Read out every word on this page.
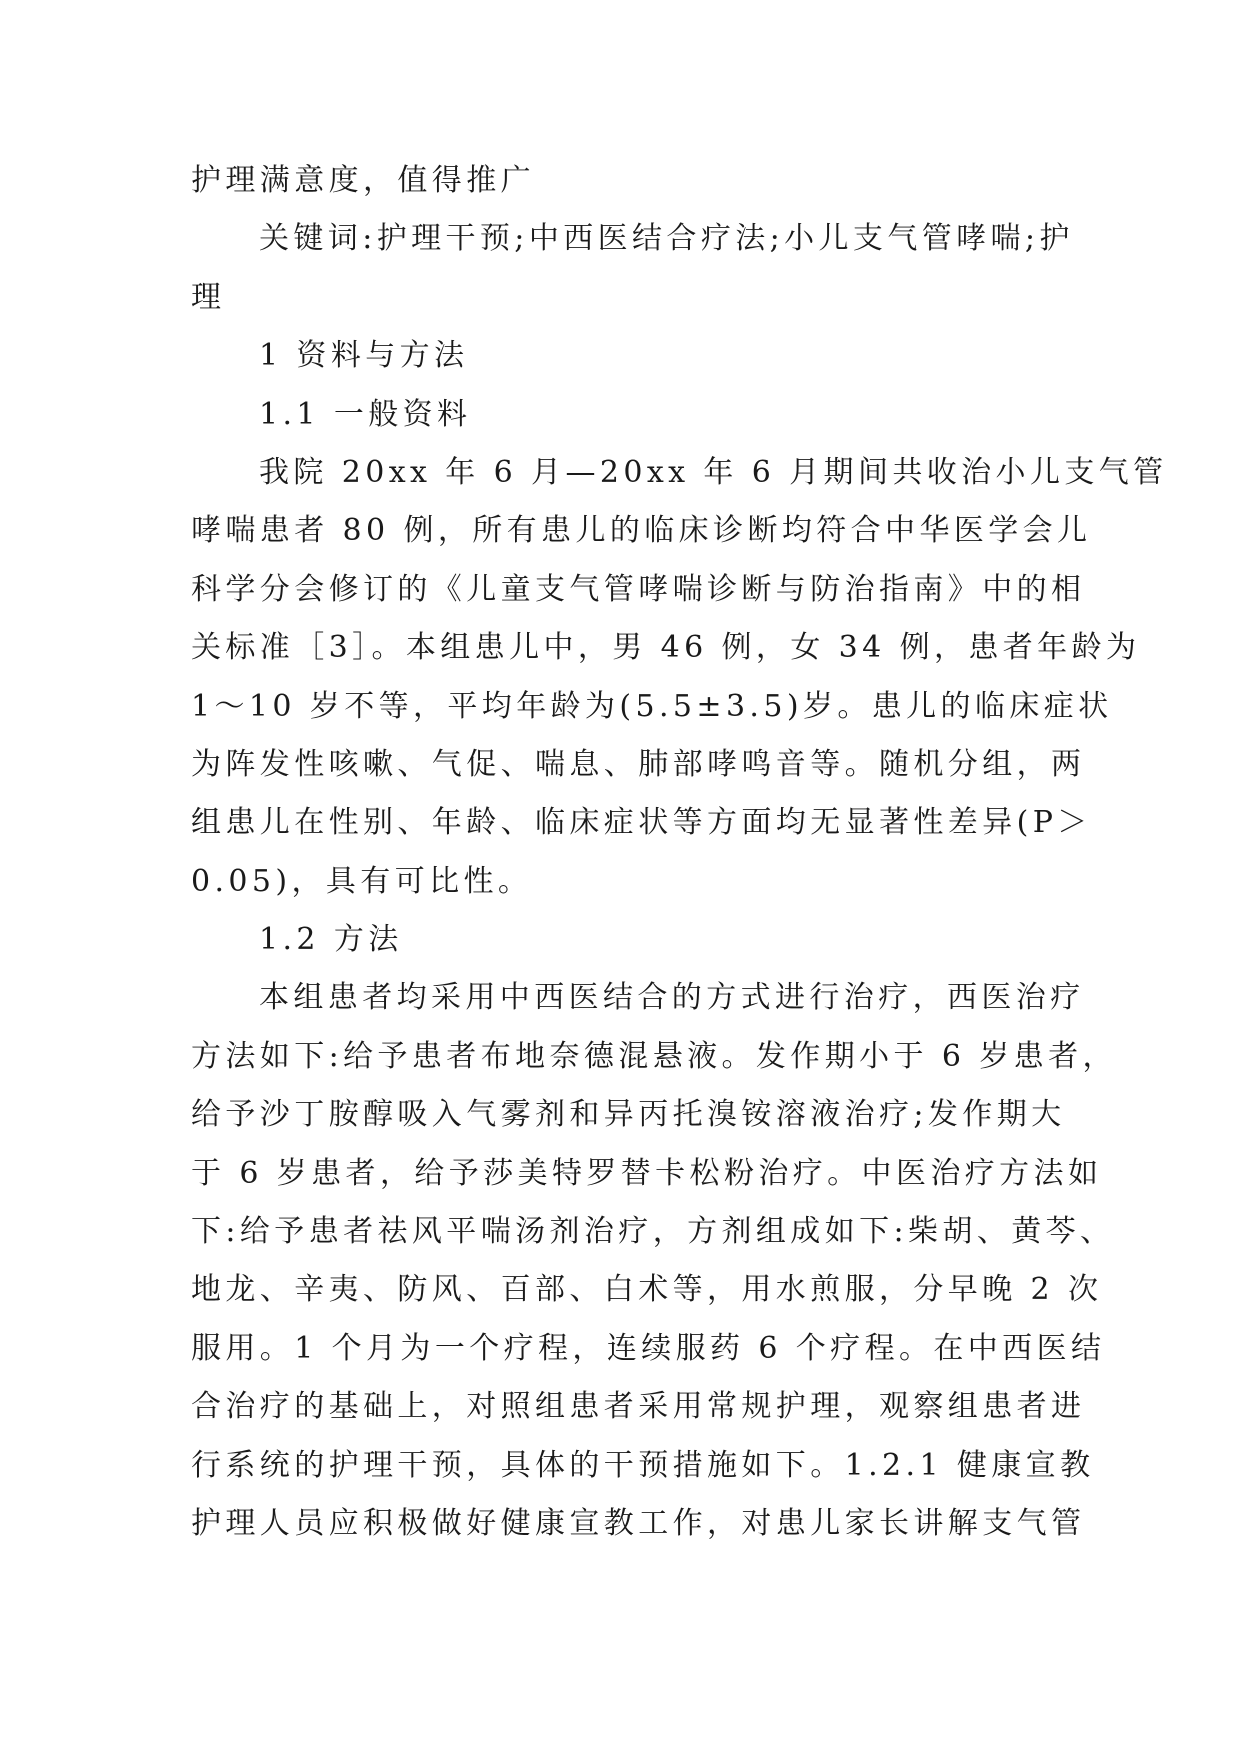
护理满意度，值得推广
关键词:护理干预;中西医结合疗法;小儿支气管哮喘;护
理
1 资料与方法
1.1 一般资料
我院 20xx 年 6 月—20xx 年 6 月期间共收治小儿支气管
哮喘患者 80 例，所有患儿的临床诊断均符合中华医学会儿
科学分会修订的《儿童支气管哮喘诊断与防治指南》中的相
关标准［3］。本组患儿中，男 46 例，女 34 例，患者年龄为
1～10 岁不等，平均年龄为(5.5±3.5)岁。患儿的临床症状
为阵发性咳嗽、气促、喘息、肺部哮鸣音等。随机分组，两
组患儿在性别、年龄、临床症状等方面均无显著性差异(P＞
0.05)，具有可比性。
1.2 方法
本组患者均采用中西医结合的方式进行治疗，西医治疗
方法如下:给予患者布地奈德混悬液。发作期小于 6 岁患者，
给予沙丁胺醇吸入气雾剂和异丙托溴铵溶液治疗;发作期大
于 6 岁患者，给予莎美特罗替卡松粉治疗。中医治疗方法如
下:给予患者祛风平喘汤剂治疗，方剂组成如下:柴胡、黄芩、
地龙、辛夷、防风、百部、白术等，用水煎服，分早晚 2 次
服用。1 个月为一个疗程，连续服药 6 个疗程。在中西医结
合治疗的基础上，对照组患者采用常规护理，观察组患者进
行系统的护理干预，具体的干预措施如下。1.2.1 健康宣教
护理人员应积极做好健康宣教工作，对患儿家长讲解支气管
